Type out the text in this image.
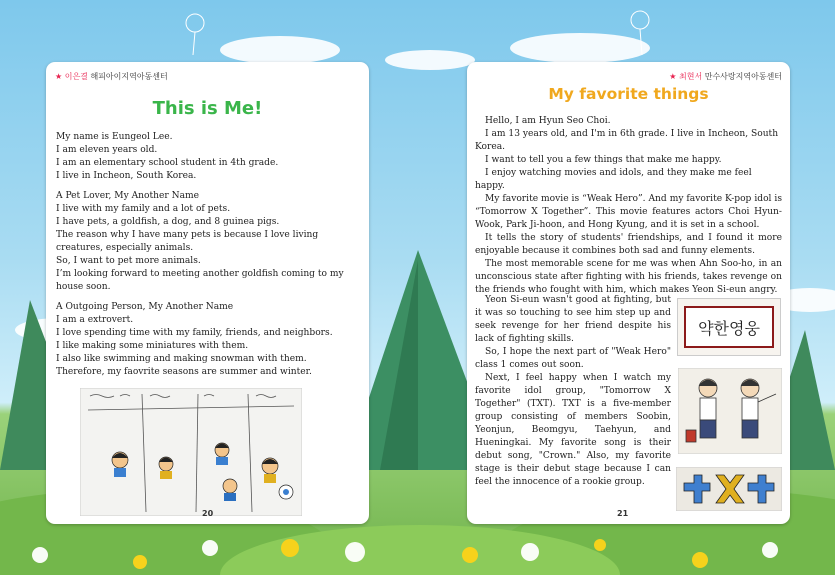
★ 이은결 해피아이지역아동센터
This is Me!

My name is Eungeol Lee.

I am eleven years old.

I am an elementary school student in 4th grade.

I live in Incheon, South Korea.

A Pet Lover, My Another Name

I live with my family and a lot of pets.

I have pets, a goldfish, a dog, and 8 guinea pigs.

The reason why I have many pets is because I love living creatures, especially animals.

So, I want to pet more animals.

I’m looking forward to meeting another goldfish coming to my house soon.

A Outgoing Person, My Another Name

I am a extrovert.

I love spending time with my family, friends, and neighbors.

I like making some miniatures with them.

I also like swimming and making snowman with them.

Therefore, my faovrite seasons are summer and winter.

20
★ 최현서 만수사랑지역아동센터
My favorite things

Hello, I am Hyun Seo Choi.

I am 13 years old, and I'm in 6th grade. I live in Incheon, South Korea.

I want to tell you a few things that make me happy.

I enjoy watching movies and idols, and they make me feel happy.

My favorite movie is “Weak Hero”. And my favorite K-pop idol is “Tomorrow X Together”. This movie features actors Choi Hyun-Wook, Park Ji-hoon, and Hong Kyung, and it is set in a school.

It tells the story of students' friendships, and I found it more enjoyable because it combines both sad and funny elements.

The most memorable scene for me was when Ahn Soo-ho, in an unconscious state after fighting with his friends, takes revenge on the friends who fought with him, which makes Yeon Si-eun angry.

Yeon Si-eun wasn't good at fighting, but it was so touching to see him step up and seek revenge for her friend despite his lack of fighting skills.

So, I hope the next part of "Weak Hero" class 1 comes out soon.

Next, I feel happy when I watch my favorite idol group, "Tomorrow X Together" (TXT). TXT is a five-member group consisting of members Soobin, Yeonjun, Beomgyu, Taehyun, and Hueningkai. My favorite song is their debut song, "Crown." Also, my favorite stage is their debut stage because I can feel the innocence of a rookie group.

약한영웅
21
